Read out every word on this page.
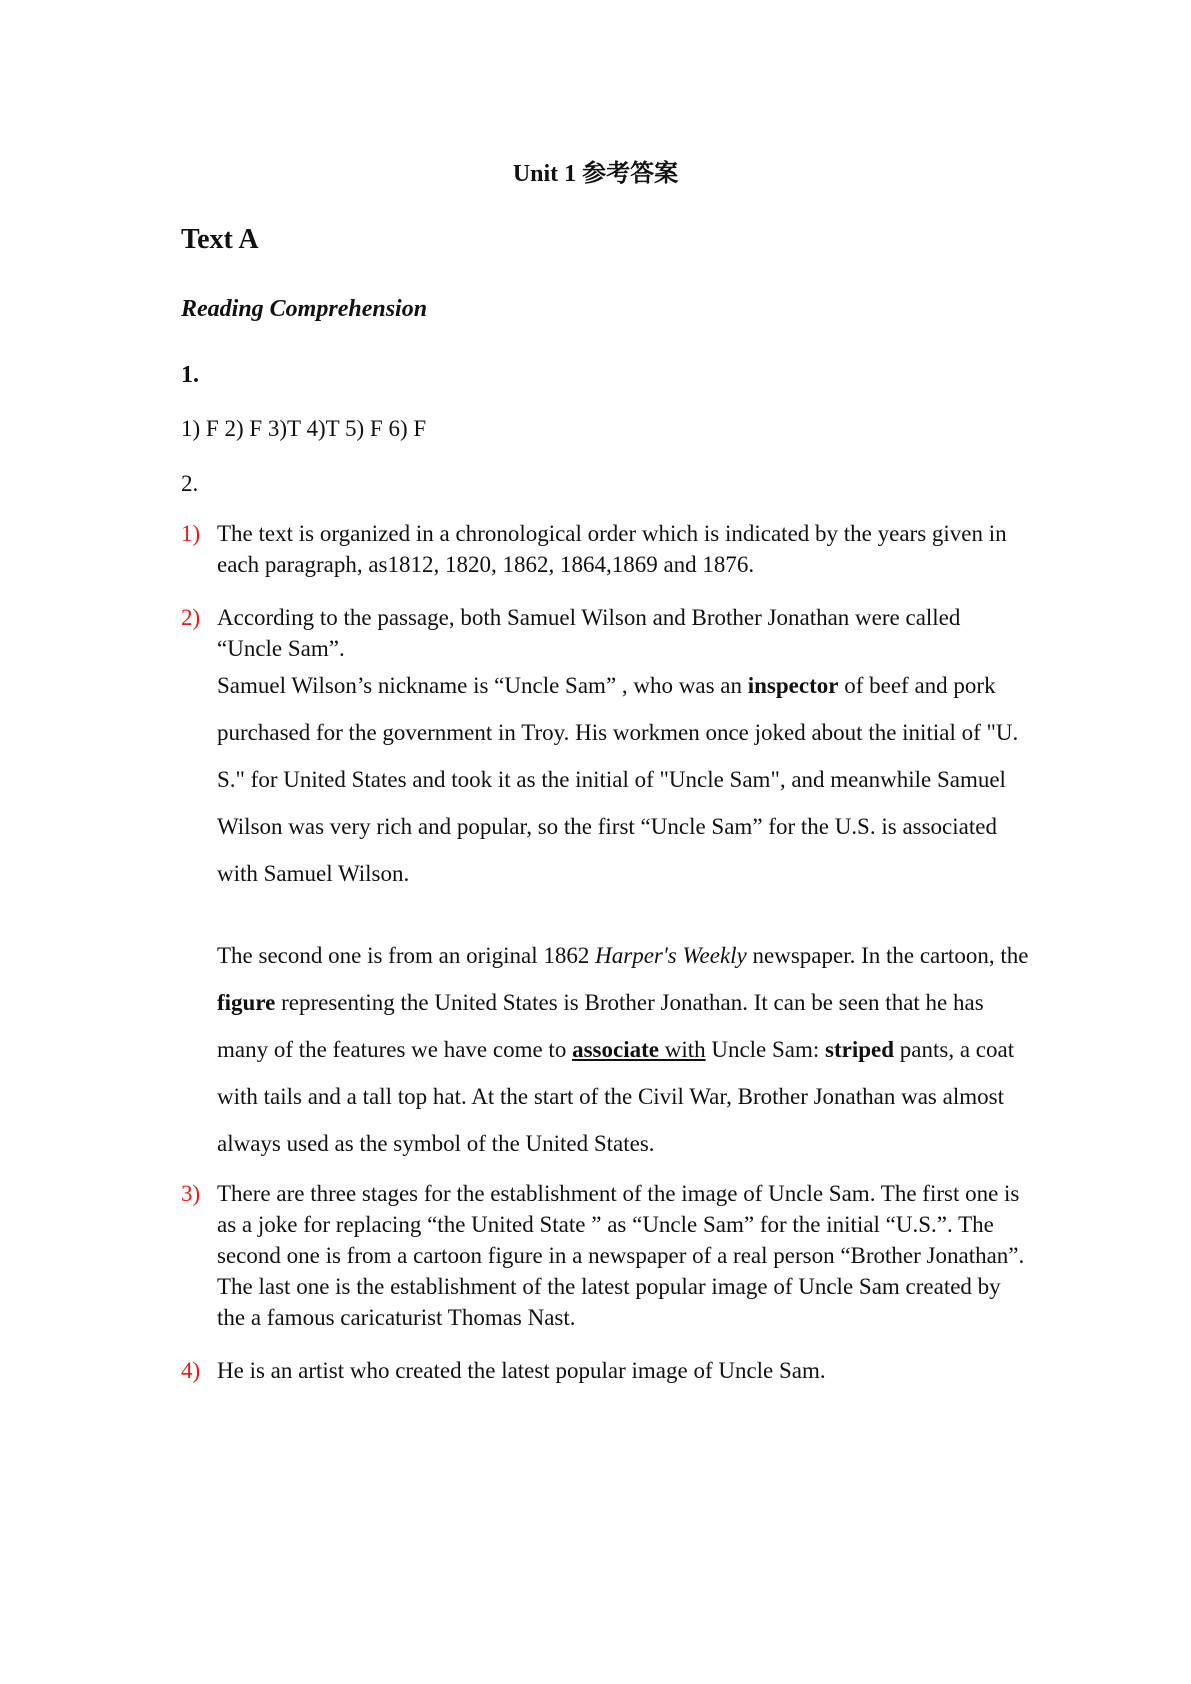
Unit 1 参考答案
Text A
Reading Comprehension
1.
1) F 2) F 3)T 4)T 5) F 6) F
2.
1) The text is organized in a chronological order which is indicated by the years given in each paragraph, as1812, 1820, 1862, 1864,1869 and 1876.
2) According to the passage, both Samuel Wilson and Brother Jonathan were called “Uncle Sam”.
Samuel Wilson’s nickname is “Uncle Sam” , who was an inspector of beef and pork purchased for the government in Troy. His workmen once joked about the initial of "U. S." for United States and took it as the initial of "Uncle Sam", and meanwhile Samuel Wilson was very rich and popular, so the first “Uncle Sam” for the U.S. is associated with Samuel Wilson.
The second one is from an original 1862 Harper's Weekly newspaper. In the cartoon, the figure representing the United States is Brother Jonathan. It can be seen that he has many of the features we have come to associate with Uncle Sam: striped pants, a coat with tails and a tall top hat. At the start of the Civil War, Brother Jonathan was almost always used as the symbol of the United States.
3) There are three stages for the establishment of the image of Uncle Sam. The first one is as a joke for replacing “the United State ” as “Uncle Sam” for the initial “U.S.”. The second one is from a cartoon figure in a newspaper of a real person “Brother Jonathan”. The last one is the establishment of the latest popular image of Uncle Sam created by the a famous caricaturist Thomas Nast.
4) He is an artist who created the latest popular image of Uncle Sam.
